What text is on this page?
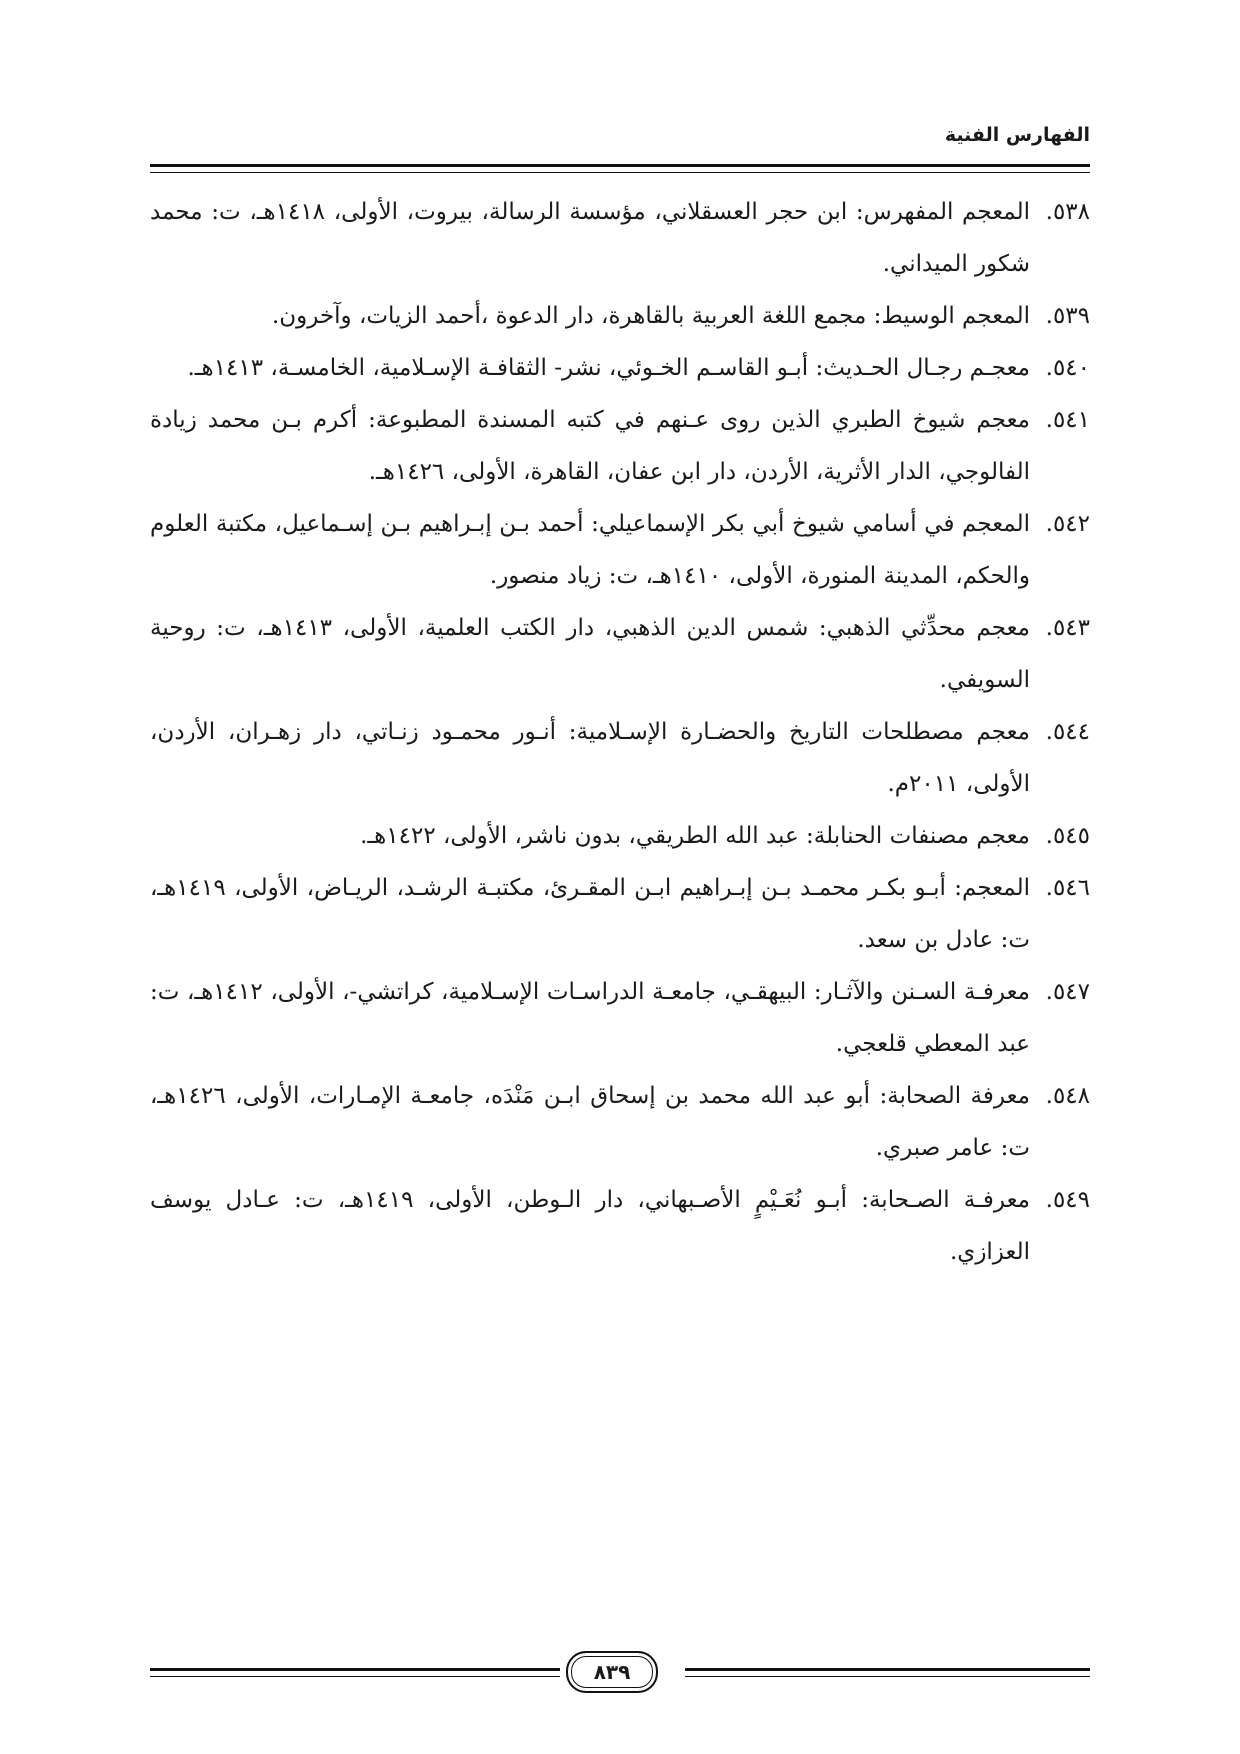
الفهارس الفنية
٥٣٨.
المعجم المفهرس: ابن حجر العسقلاني، مؤسسة الرسالة، بيروت، الأولى، ١٤١٨هـ، ت: محمد شكور الميداني.
٥٣٩.
المعجم الوسيط: مجمع اللغة العربية بالقاهرة، دار الدعوة ،أحمد الزيات، وآخرون.
٥٤٠.
معجـم رجـال الحـديث: أبـو القاسـم الخـوئي، نشر- الثقافـة الإسـلامية، الخامسـة، ١٤١٣هـ.
٥٤١.
معجم شيوخ الطبري الذين روى عـنهم في كتبه المسندة المطبوعة: أكرم بـن محمد زيادة الفالوجي، الدار الأثرية، الأردن، دار ابن عفان، القاهرة، الأولى، ١٤٢٦هـ.
٥٤٢.
المعجم في أسامي شيوخ أبي بكر الإسماعيلي: أحمد بـن إبـراهيم بـن إسـماعيل، مكتبة العلوم والحكم، المدينة المنورة، الأولى، ١٤١٠هـ، ت: زياد منصور.
٥٤٣.
معجم محدِّثي الذهبي: شمس الدين الذهبي، دار الكتب العلمية، الأولى، ١٤١٣هـ، ت: روحية السويفي.
٥٤٤.
معجم مصطلحات التاريخ والحضـارة الإسـلامية: أنـور محمـود زنـاتي، دار زهـران، الأردن، الأولى، ٢٠١١م.
٥٤٥.
معجم مصنفات الحنابلة: عبد الله الطريقي، بدون ناشر، الأولى، ١٤٢٢هـ.
٥٤٦.
المعجم: أبـو بكـر محمـد بـن إبـراهيم ابـن المقـرئ، مكتبـة الرشـد، الريـاض، الأولى، ١٤١٩هـ، ت: عادل بن سعد.
٥٤٧.
معرفـة السـنن والآثـار: البيهقـي، جامعـة الدراسـات الإسـلامية، كراتشي-، الأولى، ١٤١٢هـ، ت: عبد المعطي قلعجي.
٥٤٨.
معرفة الصحابة: أبو عبد الله محمد بن إسحاق ابـن مَنْدَه، جامعـة الإمـارات، الأولى، ١٤٢٦هـ، ت: عامر صبري.
٥٤٩.
معرفـة الصـحابة: أبـو نُعَـيْمٍ الأصـبهاني، دار الـوطن، الأولى، ١٤١٩هـ، ت: عـادل يوسف العزازي.
٨٣٩
